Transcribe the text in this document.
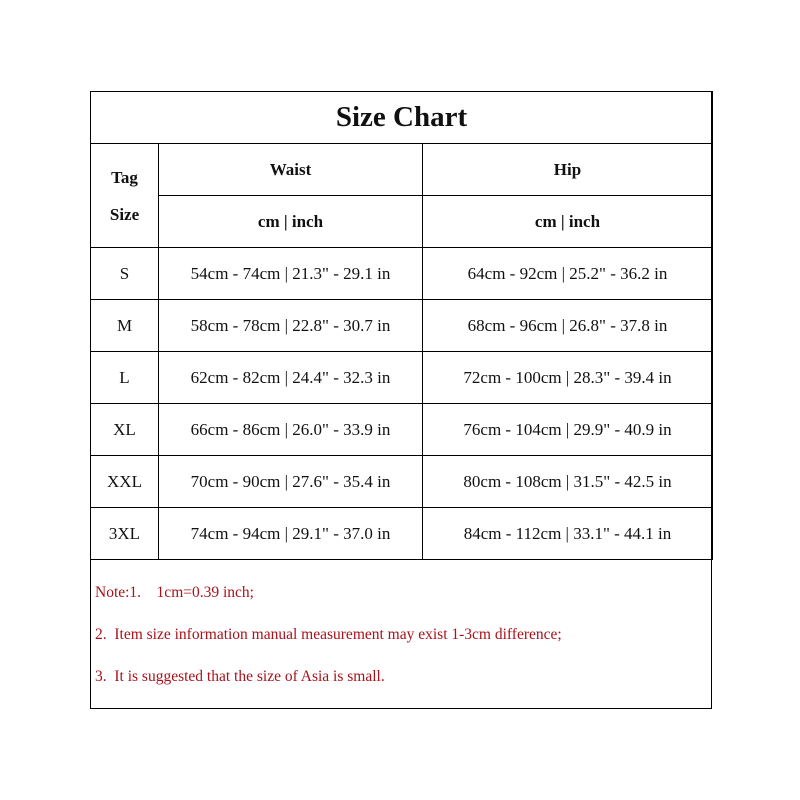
Size Chart		

Tag
Size	Waist	Hip
	cm | inch	cm | inch
S	54cm - 74cm | 21.3" - 29.1 in	64cm - 92cm | 25.2" - 36.2 in
M	58cm - 78cm | 22.8" - 30.7 in	68cm - 96cm | 26.8" - 37.8 in
L	62cm - 82cm | 24.4" - 32.3 in	72cm - 100cm | 28.3" - 39.4 in
XL	66cm - 86cm | 26.0" - 33.9 in	76cm - 104cm | 29.9" - 40.9 in
XXL	70cm - 90cm | 27.6" - 35.4 in	80cm - 108cm | 31.5" - 42.5 in
3XL	74cm - 94cm | 29.1" - 37.0 in	84cm - 112cm | 33.1" - 44.1 in
Note:1.    1cm=0.39 inch;
2.  Item size information manual measurement may exist 1-3cm difference;
3.  It is suggested that the size of Asia is small.
